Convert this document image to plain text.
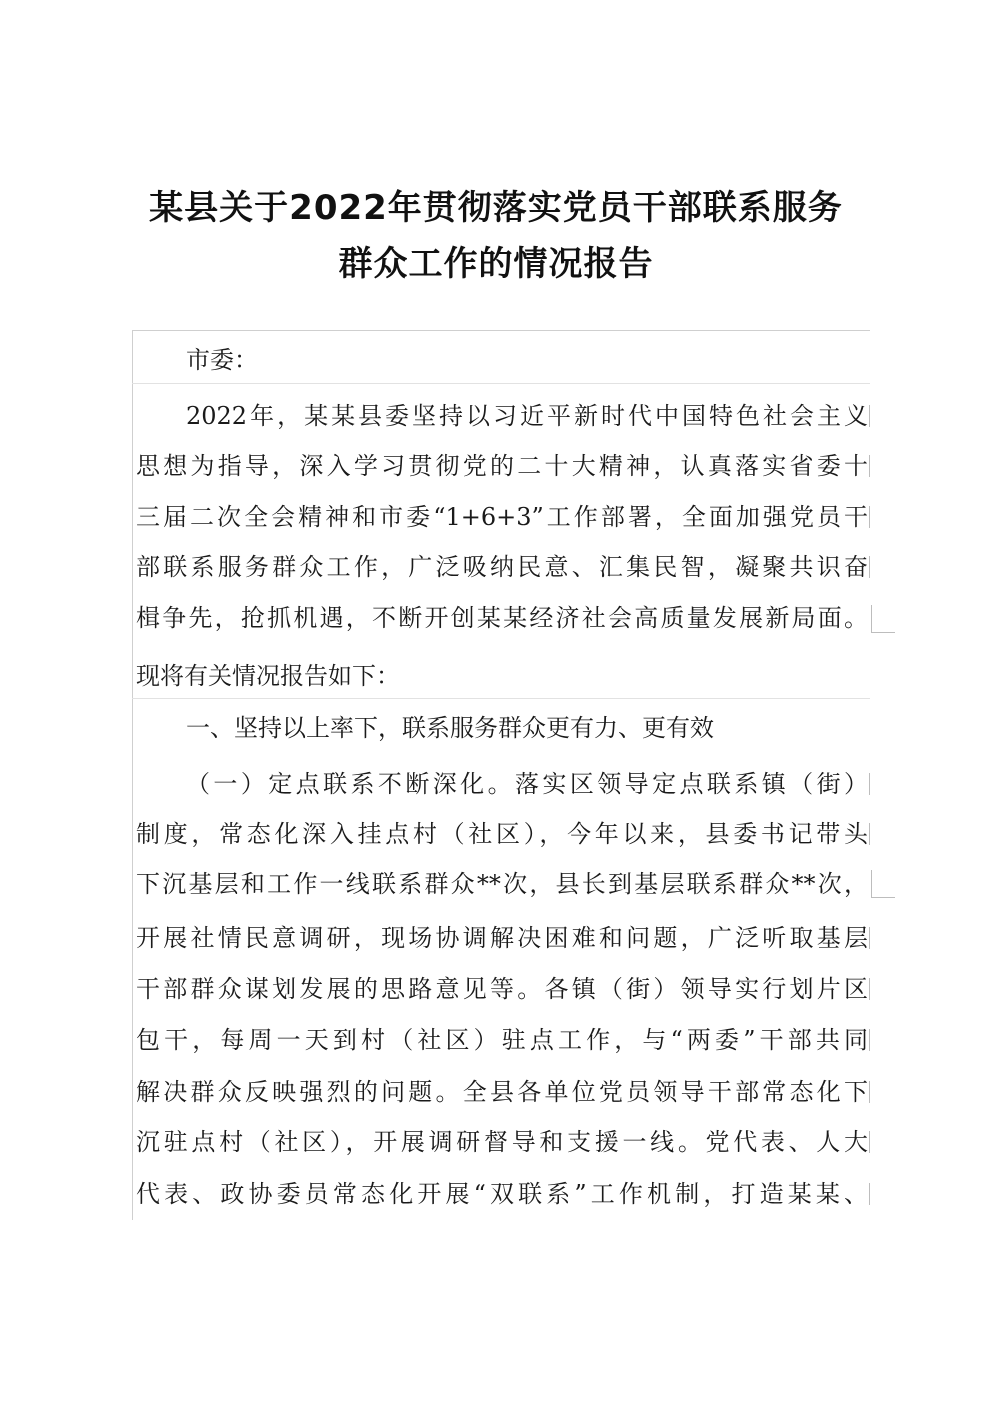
某县关于2022年贯彻落实党员干部联系服务
群众工作的情况报告
市委：
2022年，某某县委坚持以习近平新时代中国特色社会主义
思想为指导，深入学习贯彻党的二十大精神，认真落实省委十
三届二次全会精神和市委“1+6+3”工作部署，全面加强党员干
部联系服务群众工作，广泛吸纳民意、汇集民智，凝聚共识奋
楫争先，抢抓机遇，不断开创某某经济社会高质量发展新局面。
现将有关情况报告如下：
一、坚持以上率下，联系服务群众更有力、更有效
（一）定点联系不断深化。落实区领导定点联系镇（街）
制度，常态化深入挂点村（社区），今年以来，县委书记带头
下沉基层和工作一线联系群众**次，县长到基层联系群众**次，
开展社情民意调研，现场协调解决困难和问题，广泛听取基层
干部群众谋划发展的思路意见等。各镇（街）领导实行划片区
包干，每周一天到村（社区）驻点工作，与“两委”干部共同
解决群众反映强烈的问题。全县各单位党员领导干部常态化下
沉驻点村（社区），开展调研督导和支援一线。党代表、人大
代表、政协委员常态化开展“双联系”工作机制，打造某某、
